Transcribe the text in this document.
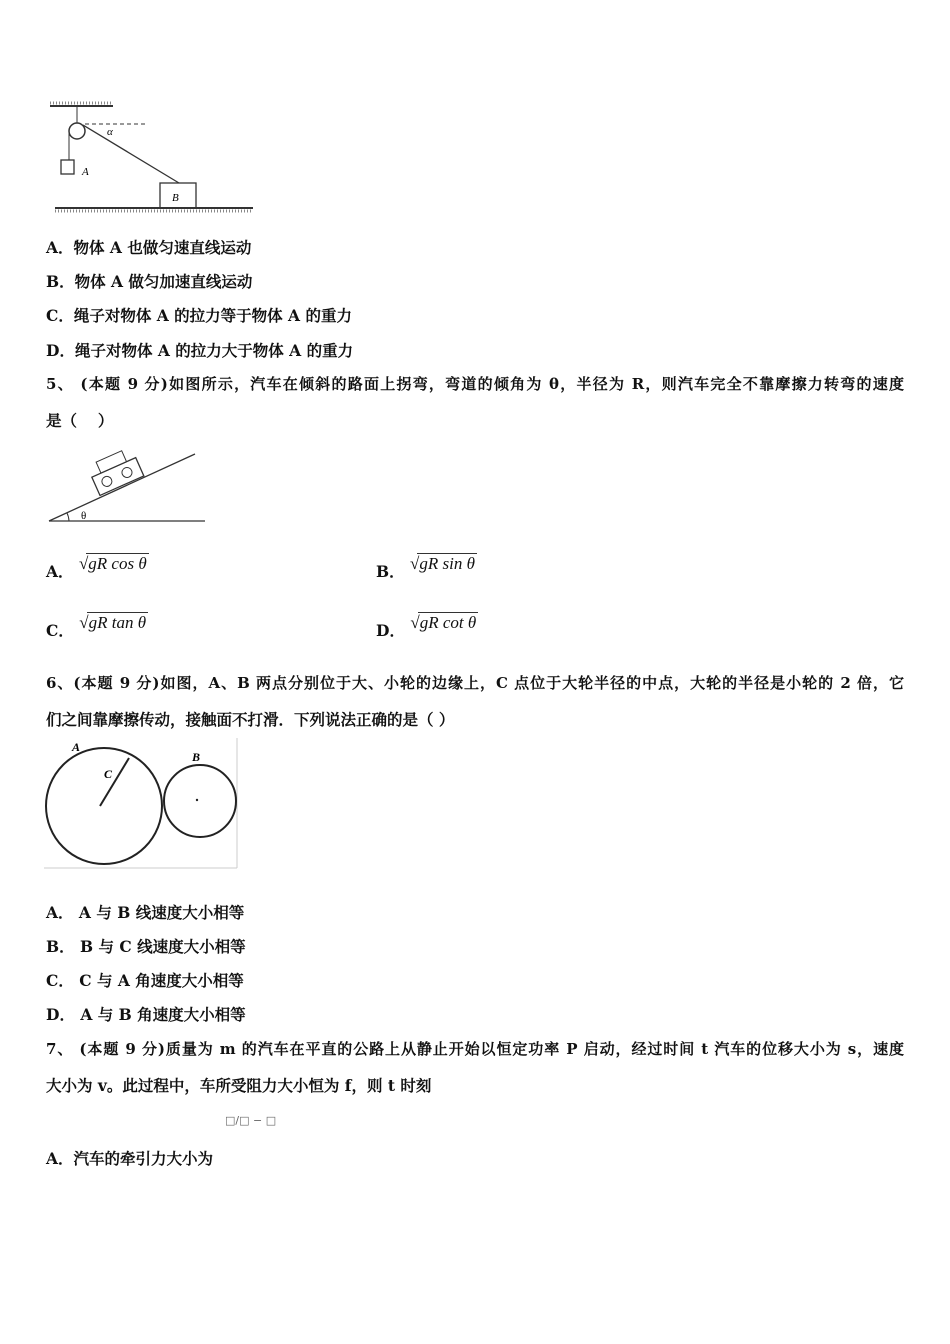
A
α
B
A．物体 A 也做匀速直线运动
B．物体 A 做匀加速直线运动
C．绳子对物体 A 的拉力等于物体 A 的重力
D．绳子对物体 A 的拉力大于物体 A 的重力
5、 (本题 9 分)如图所示，汽车在倾斜的路面上拐弯，弯道的倾角为 θ，半径为 R，则汽车完全不靠摩擦力转弯的速度
是（　 ）
θ
A． √gR cos θ	B． √gR sin θ
C． √gR tan θ	D． √gR cot θ
6、(本题 9 分)如图，A、B 两点分别位于大、小轮的边缘上，C 点位于大轮半径的中点，大轮的半径是小轮的 2 倍，它
们之间靠摩擦传动，接触面不打滑．下列说法正确的是（ ）
A
C
B
A． A 与 B 线速度大小相等
B． B 与 C 线速度大小相等
C． C 与 A 角速度大小相等
D． A 与 B 角速度大小相等
7、 (本题 9 分)质量为 m 的汽车在平直的公路上从静止开始以恒定功率 P 启动，经过时间 t 汽车的位移大小为 s，速度
大小为 v。此过程中，车所受阻力大小恒为 f，则 t 时刻
□/□ − □
A．汽车的牵引力大小为
